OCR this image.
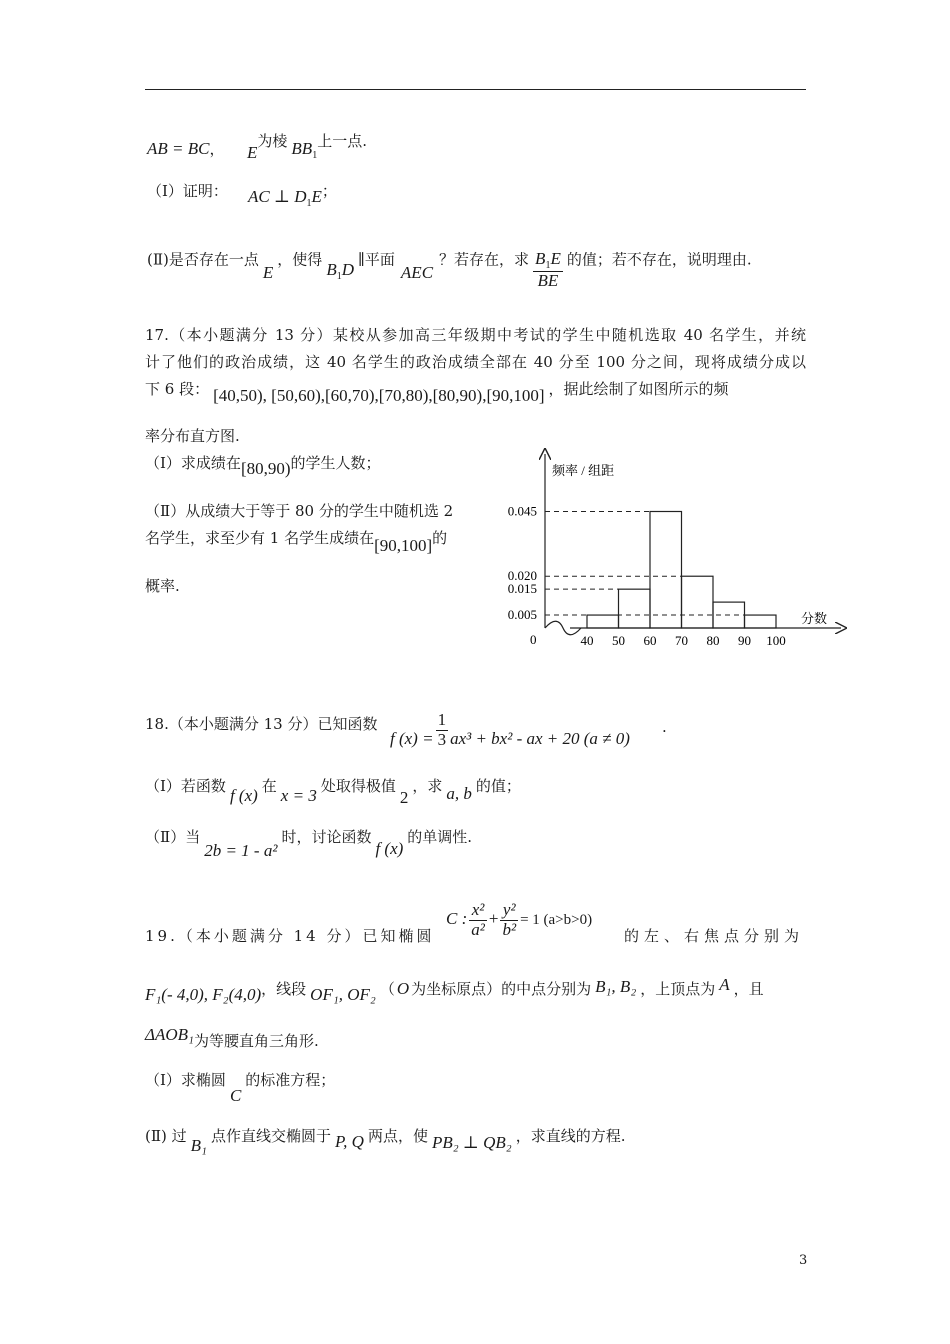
AB = BC， E为棱 $BB_1$上一点.
（Ⅰ）证明： AC ⊥ $D_1E$；
(Ⅱ)是否存在一点E，使得$B_1D\parallel$平面AEC？若存在，求 $\frac{B_1E}{BE}$ 的值；若不存在，说明理由.
17.（本小题满分 13 分）某校从参加高三年级期中考试的学生中随机选取 40 名学生，并统
计了他们的政治成绩，这 40 名学生的政治成绩全部在 40 分至 100 分之间，现将成绩分成以
下 6 段： [40,50), [50,60),[60,70),[70,80),[80,90),[90,100] ，据此绘制了如图所示的频
率分布直方图.
（Ⅰ）求成绩在[80,90)的学生人数；
（Ⅱ）从成绩大于等于 80 分的学生中随机选 2
名学生，求至少有 1 名学生成绩在[90,100]的
概率.
频率 / 组距
分数
0
0.005
0.015
0.020
0.045
40 50 60 70 80 90 100
18.（本小题满分 13 分）已知函数
f $(x) = \frac{1}{3} ax^3 + bx^2$ - ax + 20 (a ≠ 0)
.
（Ⅰ）若函数 f (x) 在 x = 3 处取得极值2，求 a, b 的值；
（Ⅱ）当2b = 1 - a²时，讨论函数f (x)的单调性.
19.（本小题满分 14 分）已知椭圆
C : $\frac{\text{x²}}{\text{a²}} + \frac{\text{y²}}{\text{b²}} = 1$ (a>b>0)
的左、右焦点分别为
F₁(- 4,0), F₂(4,0)，线段 OF₁, OF₂ （ O 为坐标原点）的中点分别为 B₁, B₂ ，上顶点为 A ，且
ΔAOB₁为等腰直角三角形.
（Ⅰ）求椭圆C的标准方程；
(Ⅱ) 过 B₁ 点作直线交椭圆于 P, Q 两点，使 PB₂ ⊥ QB₂ ，求直线的方程.
3
